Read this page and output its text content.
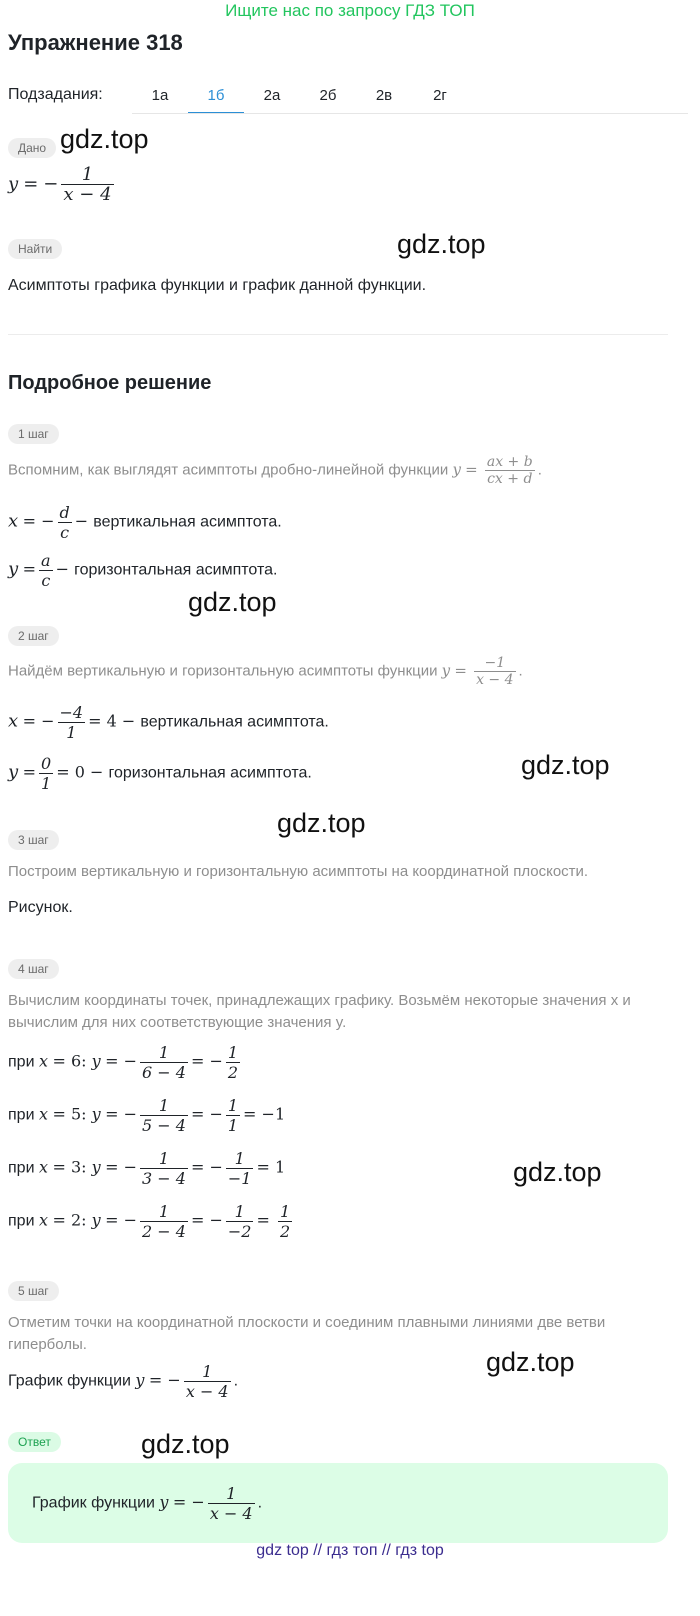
Ищите нас по запросу ГДЗ ТОП
Упражнение 318
Подзадания:	1а	1б	2а	2б	2в	2г
Дано
y = − $\frac{1}{x - 4}$
Найти
Асимптоты графика функции и график данной функции.
Подробное решение
1 шаг
Вспомним, как выглядят асимптоты дробно-линейной функции $y = \frac{ax + b}{cx + d}$ .
x = − $\frac{d}{c}$ − вертикальная асимптота.
$y = \frac{a}{c}$ − горизонтальная асимптота.
2 шаг
Найдём вертикальную и горизонтальную асимптоты функции $y = \frac{-1}{x - 4}$ .
x = − $\frac{-4}{1} = 4$ − вертикальная асимптота.
$y = \frac{0}{1} = 0$ − горизонтальная асимптота.
3 шаг
Построим вертикальную и горизонтальную асимптоты на координатной плоскости.
Рисунок.
4 шаг
Вычислим координаты точек, принадлежащих графику. Возьмём некоторые значения x и вычислим для них соответствующие значения y.
при x = 6: y = − $\frac{1}{6 - 4}$ = − $\frac{1}{2}$
при x = 5: y = − $\frac{1}{5 - 4}$ = − $\frac{1}{1} = -1$
при x = 3: y = − $\frac{1}{3 - 4}$ = − $\frac{1}{-1} = 1$
при x = 2: y = − $\frac{1}{2 - 4}$ = − $\frac{1}{-2} = \frac{1}{2}$
5 шаг
Отметим точки на координатной плоскости и соединим плавными линиями две ветви гиперболы.
График функции y = − $\frac{1}{x - 4}$ .
Ответ
График функции y = − $\frac{1}{x - 4}$ .
gdz.top
gdz.top
gdz.top
gdz.top
gdz.top
gdz.top
gdz.top
gdz.top
gdz top // гдз топ // гдз top
